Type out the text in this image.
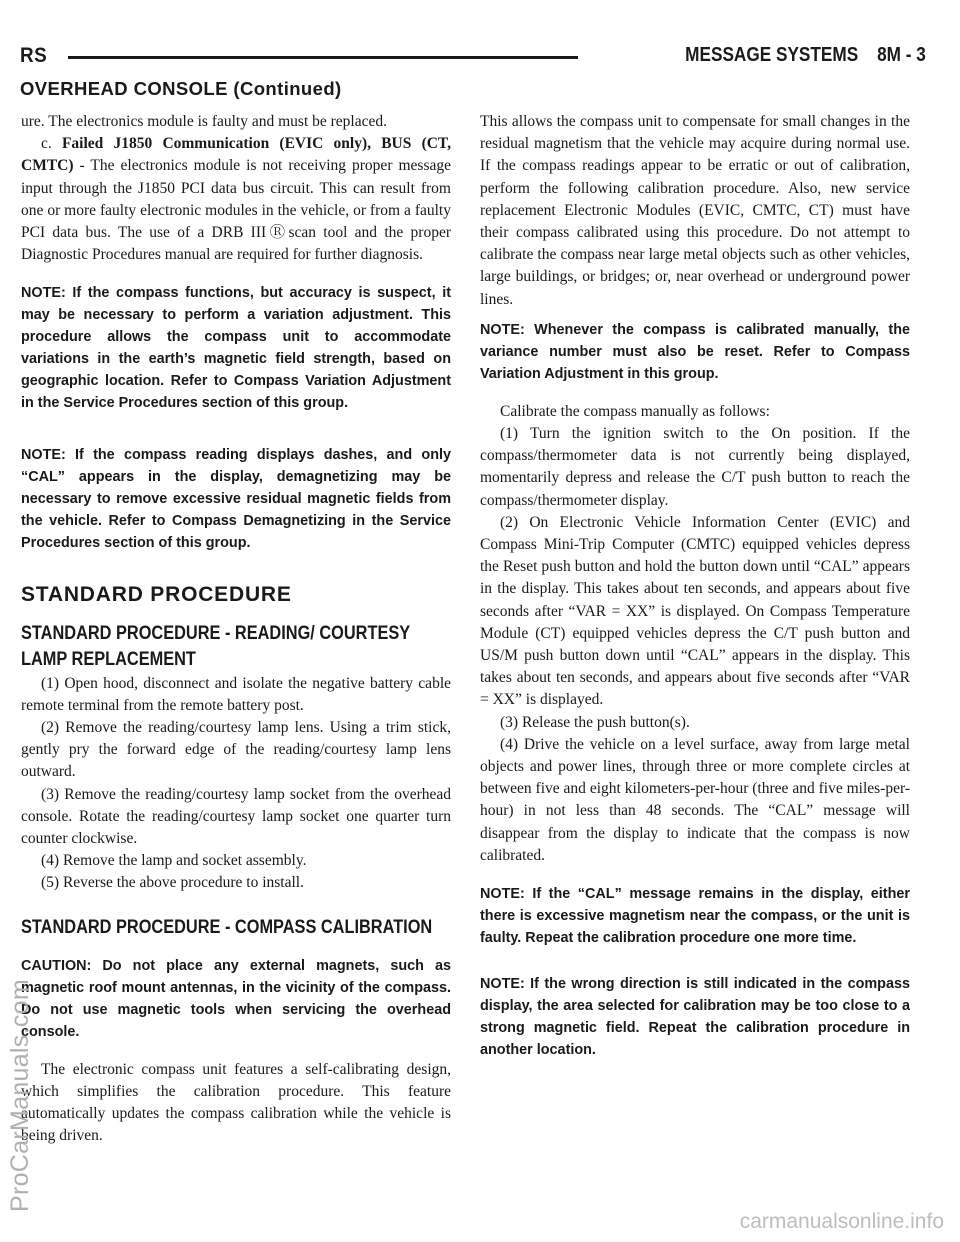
RS	MESSAGE SYSTEMS 8M - 3
OVERHEAD CONSOLE (Continued)

ure. The electronics module is faulty and must be replaced.

c. Failed J1850 Communication (EVIC only), BUS (CT, CMTC) - The electronics module is not receiving proper message input through the J1850 PCI data bus circuit. This can result from one or more faulty electronic modules in the vehicle, or from a faulty PCI data bus. The use of a DRB IIIⓇscan tool and the proper Diagnostic Procedures manual are required for further diagnosis.

NOTE: If the compass functions, but accuracy is suspect, it may be necessary to perform a variation adjustment. This procedure allows the compass unit to accommodate variations in the earth’s magnetic field strength, based on geographic location. Refer to Compass Variation Adjustment in the Service Procedures section of this group.

NOTE: If the compass reading displays dashes, and only “CAL” appears in the display, demagnetizing may be necessary to remove excessive residual magnetic fields from the vehicle. Refer to Compass Demagnetizing in the Service Procedures section of this group.

STANDARD PROCEDURE
STANDARD PROCEDURE - READING/ COURTESY LAMP REPLACEMENT

(1) Open hood, disconnect and isolate the negative battery cable remote terminal from the remote battery post.

(2) Remove the reading/courtesy lamp lens. Using a trim stick, gently pry the forward edge of the reading/courtesy lamp lens outward.

(3) Remove the reading/courtesy lamp socket from the overhead console. Rotate the reading/courtesy lamp socket one quarter turn counter clockwise.

(4) Remove the lamp and socket assembly.

(5) Reverse the above procedure to install.

STANDARD PROCEDURE - COMPASS CALIBRATION

CAUTION: Do not place any external magnets, such as magnetic roof mount antennas, in the vicinity of the compass. Do not use magnetic tools when servicing the overhead console.

The electronic compass unit features a self-calibrating design, which simplifies the calibration procedure. This feature automatically updates the compass calibration while the vehicle is being driven.

This allows the compass unit to compensate for small changes in the residual magnetism that the vehicle may acquire during normal use. If the compass readings appear to be erratic or out of calibration, perform the following calibration procedure. Also, new service replacement Electronic Modules (EVIC, CMTC, CT) must have their compass calibrated using this procedure. Do not attempt to calibrate the compass near large metal objects such as other vehicles, large buildings, or bridges; or, near overhead or underground power lines.

NOTE: Whenever the compass is calibrated manually, the variance number must also be reset. Refer to Compass Variation Adjustment in this group.

Calibrate the compass manually as follows:

(1) Turn the ignition switch to the On position. If the compass/thermometer data is not currently being displayed, momentarily depress and release the C/T push button to reach the compass/thermometer display.

(2) On Electronic Vehicle Information Center (EVIC) and Compass Mini-Trip Computer (CMTC) equipped vehicles depress the Reset push button and hold the button down until “CAL” appears in the display. This takes about ten seconds, and appears about five seconds after “VAR = XX” is displayed. On Compass Temperature Module (CT) equipped vehicles depress the C/T push button and US/M push button down until “CAL” appears in the display. This takes about ten seconds, and appears about five seconds after “VAR = XX” is displayed.

(3) Release the push button(s).

(4) Drive the vehicle on a level surface, away from large metal objects and power lines, through three or more complete circles at between five and eight kilometers-per-hour (three and five miles-per-hour) in not less than 48 seconds. The “CAL” message will disappear from the display to indicate that the compass is now calibrated.

NOTE: If the “CAL” message remains in the display, either there is excessive magnetism near the compass, or the unit is faulty. Repeat the calibration procedure one more time.

NOTE: If the wrong direction is still indicated in the compass display, the area selected for calibration may be too close to a strong magnetic field. Repeat the calibration procedure in another location.

ProCarManuals.com
carmanualsonline.info
